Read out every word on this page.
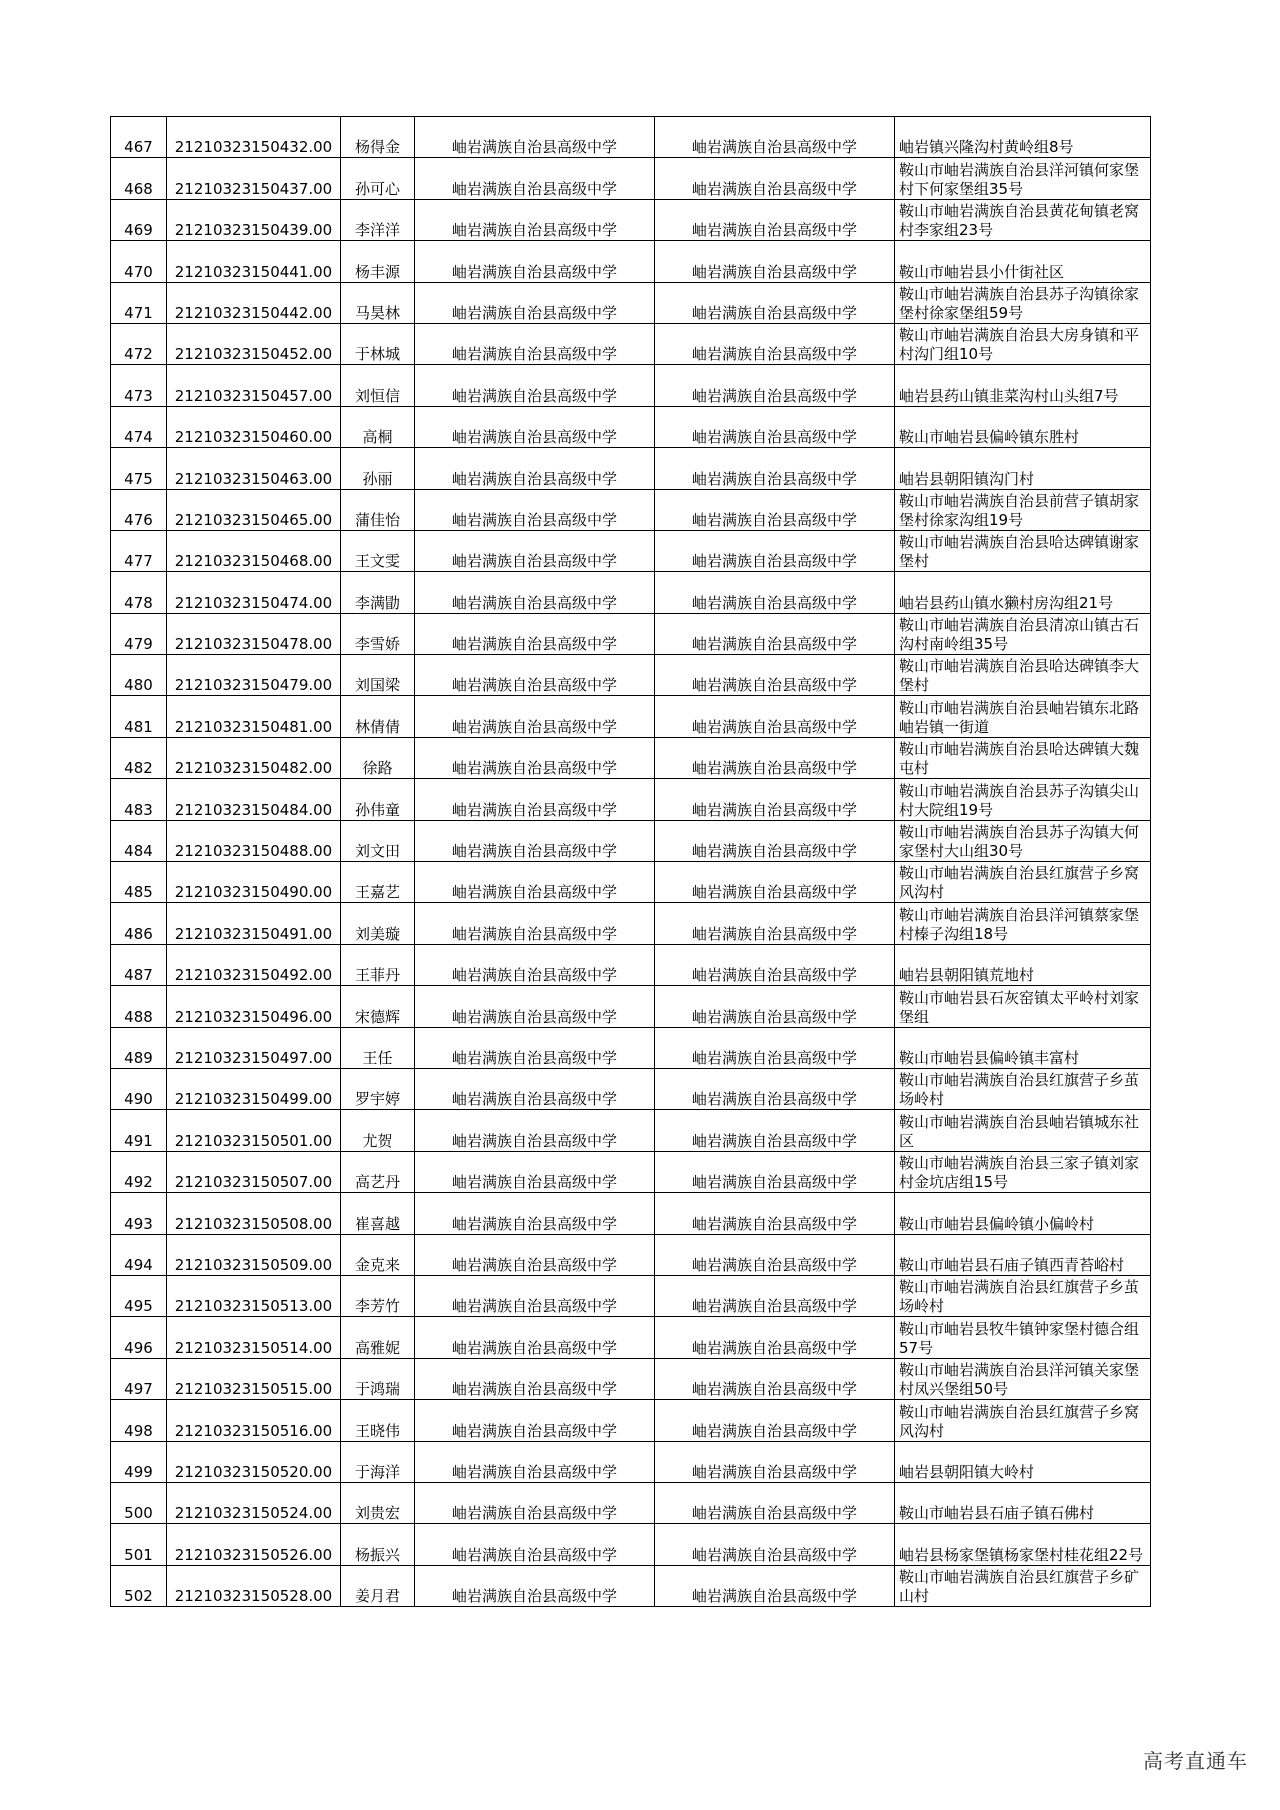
467	21210323150432.00	杨得金	岫岩满族自治县高级中学	岫岩满族自治县高级中学	岫岩镇兴隆沟村黄岭组8号
468	21210323150437.00	孙可心	岫岩满族自治县高级中学	岫岩满族自治县高级中学	鞍山市岫岩满族自治县洋河镇何家堡村下何家堡组35号
469	21210323150439.00	李洋洋	岫岩满族自治县高级中学	岫岩满族自治县高级中学	鞍山市岫岩满族自治县黄花甸镇老窝村李家组23号
470	21210323150441.00	杨丰源	岫岩满族自治县高级中学	岫岩满族自治县高级中学	鞍山市岫岩县小什街社区
471	21210323150442.00	马昊林	岫岩满族自治县高级中学	岫岩满族自治县高级中学	鞍山市岫岩满族自治县苏子沟镇徐家堡村徐家堡组59号
472	21210323150452.00	于林城	岫岩满族自治县高级中学	岫岩满族自治县高级中学	鞍山市岫岩满族自治县大房身镇和平村沟门组10号
473	21210323150457.00	刘恒信	岫岩满族自治县高级中学	岫岩满族自治县高级中学	岫岩县药山镇韭菜沟村山头组7号
474	21210323150460.00	高桐	岫岩满族自治县高级中学	岫岩满族自治县高级中学	鞍山市岫岩县偏岭镇东胜村
475	21210323150463.00	孙丽	岫岩满族自治县高级中学	岫岩满族自治县高级中学	岫岩县朝阳镇沟门村
476	21210323150465.00	蒲佳怡	岫岩满族自治县高级中学	岫岩满族自治县高级中学	鞍山市岫岩满族自治县前营子镇胡家堡村徐家沟组19号
477	21210323150468.00	王文雯	岫岩满族自治县高级中学	岫岩满族自治县高级中学	鞍山市岫岩满族自治县哈达碑镇谢家堡村
478	21210323150474.00	李满勖	岫岩满族自治县高级中学	岫岩满族自治县高级中学	岫岩县药山镇水獭村房沟组21号
479	21210323150478.00	李雪娇	岫岩满族自治县高级中学	岫岩满族自治县高级中学	鞍山市岫岩满族自治县清凉山镇古石沟村南岭组35号
480	21210323150479.00	刘国梁	岫岩满族自治县高级中学	岫岩满族自治县高级中学	鞍山市岫岩满族自治县哈达碑镇李大堡村
481	21210323150481.00	林倩倩	岫岩满族自治县高级中学	岫岩满族自治县高级中学	鞍山市岫岩满族自治县岫岩镇东北路岫岩镇一街道
482	21210323150482.00	徐路	岫岩满族自治县高级中学	岫岩满族自治县高级中学	鞍山市岫岩满族自治县哈达碑镇大魏屯村
483	21210323150484.00	孙伟童	岫岩满族自治县高级中学	岫岩满族自治县高级中学	鞍山市岫岩满族自治县苏子沟镇尖山村大院组19号
484	21210323150488.00	刘文田	岫岩满族自治县高级中学	岫岩满族自治县高级中学	鞍山市岫岩满族自治县苏子沟镇大何家堡村大山组30号
485	21210323150490.00	王嘉艺	岫岩满族自治县高级中学	岫岩满族自治县高级中学	鞍山市岫岩满族自治县红旗营子乡窝风沟村
486	21210323150491.00	刘美璇	岫岩满族自治县高级中学	岫岩满族自治县高级中学	鞍山市岫岩满族自治县洋河镇蔡家堡村榛子沟组18号
487	21210323150492.00	王菲丹	岫岩满族自治县高级中学	岫岩满族自治县高级中学	岫岩县朝阳镇荒地村
488	21210323150496.00	宋德辉	岫岩满族自治县高级中学	岫岩满族自治县高级中学	鞍山市岫岩县石灰窑镇太平岭村刘家堡组
489	21210323150497.00	王任	岫岩满族自治县高级中学	岫岩满族自治县高级中学	鞍山市岫岩县偏岭镇丰富村
490	21210323150499.00	罗宇婷	岫岩满族自治县高级中学	岫岩满族自治县高级中学	鞍山市岫岩满族自治县红旗营子乡茧场岭村
491	21210323150501.00	尤贺	岫岩满族自治县高级中学	岫岩满族自治县高级中学	鞍山市岫岩满族自治县岫岩镇城东社区
492	21210323150507.00	高艺丹	岫岩满族自治县高级中学	岫岩满族自治县高级中学	鞍山市岫岩满族自治县三家子镇刘家村金坑店组15号
493	21210323150508.00	崔喜越	岫岩满族自治县高级中学	岫岩满族自治县高级中学	鞍山市岫岩县偏岭镇小偏岭村
494	21210323150509.00	金克来	岫岩满族自治县高级中学	岫岩满族自治县高级中学	鞍山市岫岩县石庙子镇西青苔峪村
495	21210323150513.00	李芳竹	岫岩满族自治县高级中学	岫岩满族自治县高级中学	鞍山市岫岩满族自治县红旗营子乡茧场岭村
496	21210323150514.00	高雅妮	岫岩满族自治县高级中学	岫岩满族自治县高级中学	鞍山市岫岩县牧牛镇钟家堡村德合组57号
497	21210323150515.00	于鸿瑞	岫岩满族自治县高级中学	岫岩满族自治县高级中学	鞍山市岫岩满族自治县洋河镇关家堡村凤兴堡组50号
498	21210323150516.00	王晓伟	岫岩满族自治县高级中学	岫岩满族自治县高级中学	鞍山市岫岩满族自治县红旗营子乡窝风沟村
499	21210323150520.00	于海洋	岫岩满族自治县高级中学	岫岩满族自治县高级中学	岫岩县朝阳镇大岭村
500	21210323150524.00	刘贵宏	岫岩满族自治县高级中学	岫岩满族自治县高级中学	鞍山市岫岩县石庙子镇石佛村
501	21210323150526.00	杨振兴	岫岩满族自治县高级中学	岫岩满族自治县高级中学	岫岩县杨家堡镇杨家堡村桂花组22号
502	21210323150528.00	姜月君	岫岩满族自治县高级中学	岫岩满族自治县高级中学	鞍山市岫岩满族自治县红旗营子乡矿山村
高考直通车
